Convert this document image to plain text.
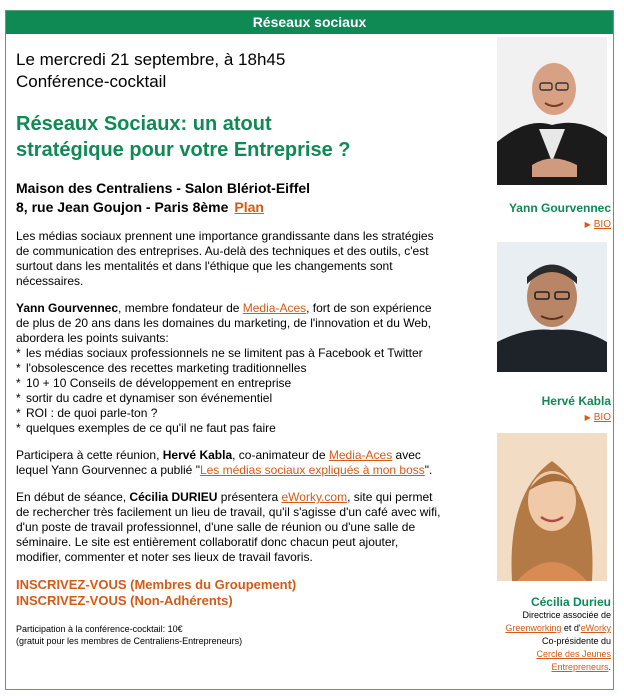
Réseaux sociaux

Le mercredi 21 septembre, à 18h45

Conférence-cocktail

Réseaux Sociaux: un atout
stratégique pour votre Entreprise ?

Maison des Centraliens - Salon Blériot-Eiffel
8, rue Jean Goujon - Paris 8ème Plan

Les médias sociaux prennent une importance grandissante dans les stratégies de communication des entreprises. Au-delà des techniques et des outils, c'est surtout dans les mentalités et dans l'éthique que les changements sont nécessaires.

Yann Gourvennec, membre fondateur de Media-Aces, fort de son expérience de plus de 20 ans dans les domaines du marketing, de l'innovation et du Web, abordera les points suivants:

* les médias sociaux professionnels ne se limitent pas à Facebook et Twitter
* l'obsolescence des recettes marketing traditionnelles
* 10 + 10 Conseils de développement en entreprise
* sortir du cadre et dynamiser son événementiel
* ROI : de quoi parle-ton ?
* quelques exemples de ce qu'il ne faut pas faire

Participera à cette réunion, Hervé Kabla, co-animateur de Media-Aces avec lequel Yann Gourvennec a publié "Les médias sociaux expliqués à mon boss".

En début de séance, Cécilia DURIEU présentera eWorky.com, site qui permet de rechercher très facilement un lieu de travail, qu'il s'agisse d'un café avec wifi, d'un poste de travail professionnel, d'une salle de réunion ou d'une salle de séminaire. Le site est entièrement collaboratif donc chacun peut ajouter, modifier, commenter et noter ses lieux de travail favoris.

INSCRIVEZ-VOUS (Membres du Groupement)
INSCRIVEZ-VOUS (Non-Adhérents)

Participation à la conférence-cocktail: 10€
(gratuit pour les membres de Centraliens-Entrepreneurs)

Yann Gourvennec
▶ BIO
Hervé Kabla
▶ BIO
Cécilia Durieu
Directrice associée de
Greenworking et d'eWorky
Co-présidente du
Cercle des Jeunes Entrepreneurs.
